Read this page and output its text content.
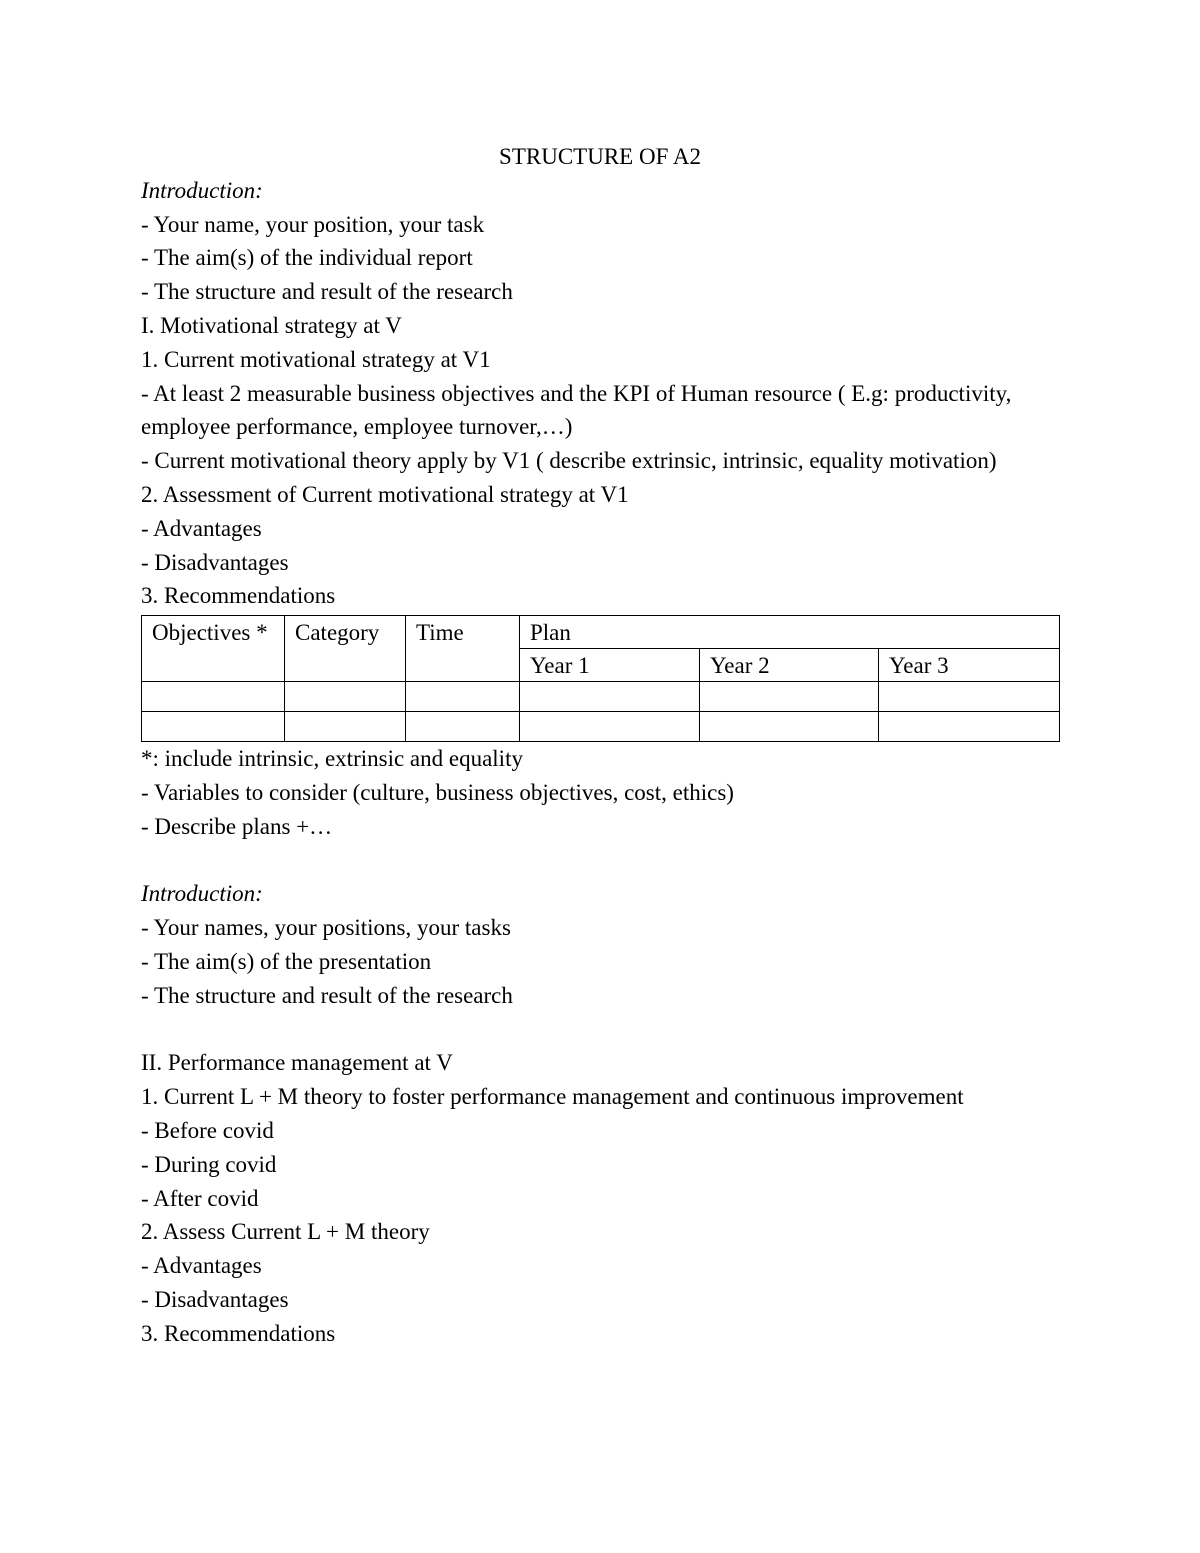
STRUCTURE OF A2
Introduction:
- Your name, your position, your task
- The aim(s) of the individual report
- The structure and result of the research
I. Motivational strategy at V
1. Current motivational strategy at V1
- At least 2 measurable business objectives and the KPI of Human resource ( E.g: productivity, employee performance, employee turnover,…)
- Current motivational theory apply by V1 ( describe extrinsic, intrinsic, equality motivation)
2. Assessment of Current motivational strategy at V1
- Advantages
- Disadvantages
3. Recommendations
Objectives *	Category	Time	Plan		
			Year 1	Year 2	Year 3

*: include intrinsic, extrinsic and equality
- Variables to consider (culture, business objectives, cost, ethics)
- Describe plans +…
Introduction:
- Your names, your positions, your tasks
- The aim(s) of the presentation
- The structure and result of the research
II. Performance management at V
1. Current L + M theory to foster performance management and continuous improvement
- Before covid
- During covid
- After covid
2. Assess Current L + M theory
- Advantages
- Disadvantages
3. Recommendations
